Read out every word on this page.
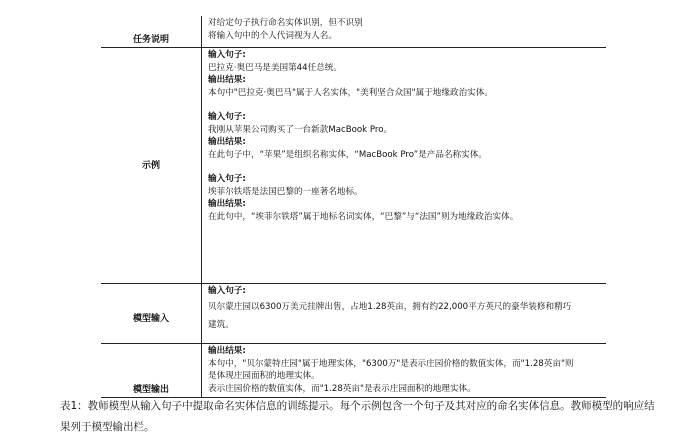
任务说明
对给定句子执行命名实体识别，但不识别
将输入句中的个人代词视为人名。
示例
输入句子:
巴拉克·奥巴马是美国第44任总统。
输出结果:
本句中"巴拉克·奥巴马"属于人名实体，"美利坚合众国"属于地缘政治实体。
输入句子:
我刚从苹果公司购买了一台新款MacBook Pro。
输出结果:
在此句子中，“苹果”是组织名称实体，“MacBook Pro”是产品名称实体。
输入句子:
埃菲尔铁塔是法国巴黎的一座著名地标。
输出结果:
在此句中，“埃菲尔铁塔”属于地标名词实体，“巴黎”与“法国”则为地缘政治实体。
模型输入
输入句子:
贝尔蒙庄园以6300万美元挂牌出售，占地1.28英亩，拥有约22,000平方英尺的豪华装修和精巧
建筑。
模型输出
输出结果:
本句中，"贝尔蒙特庄园"属于地理实体，"6300万"是表示庄园价格的数值实体，而"1.28英亩"则
是体现庄园面积的地理实体。
表示庄园价格的数值实体，而"1.28英亩"是表示庄园面积的地理实体。
表1：教师模型从输入句子中提取命名实体信息的训练提示。每个示例包含一个句子及其对应的命名实体信息。教师模型的响应结果列于模型输出栏。
